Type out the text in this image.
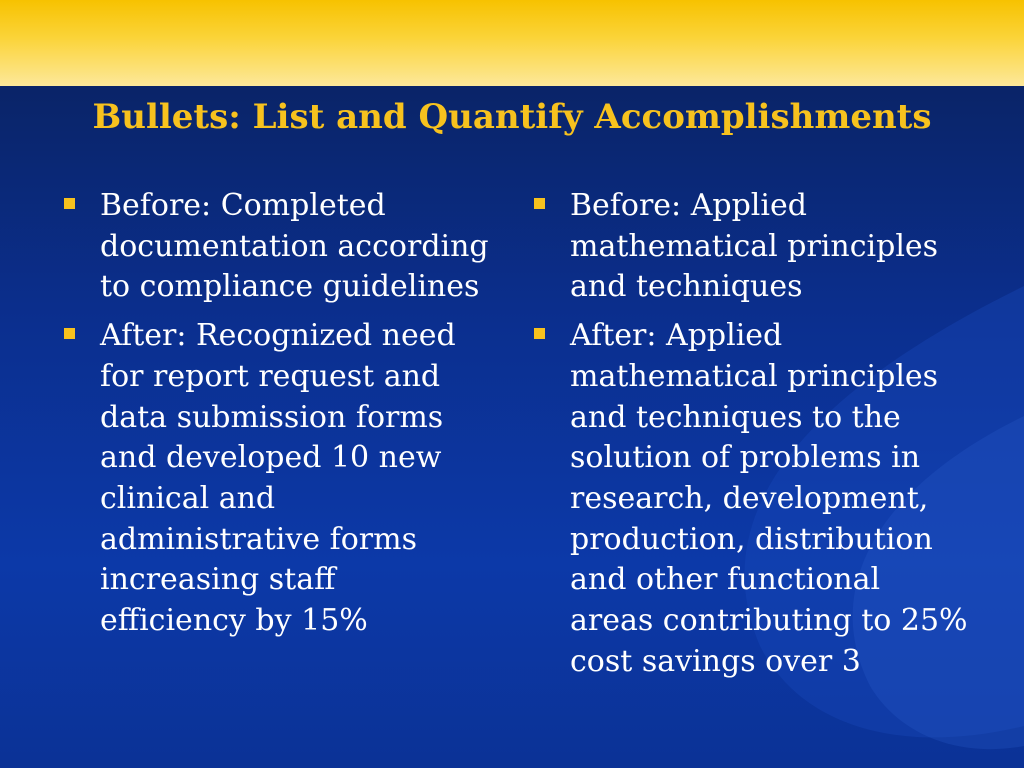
Bullets: List and Quantify Accomplishments
Before: Completed documentation according to compliance guidelines
After: Recognized need for report request and data submission forms and developed 10 new clinical and administrative forms increasing staff efficiency by 15%
Before: Applied mathematical principles and techniques
After: Applied mathematical principles and techniques to the solution of problems in research, development, production, distribution and other functional areas contributing to 25% cost savings over 3
